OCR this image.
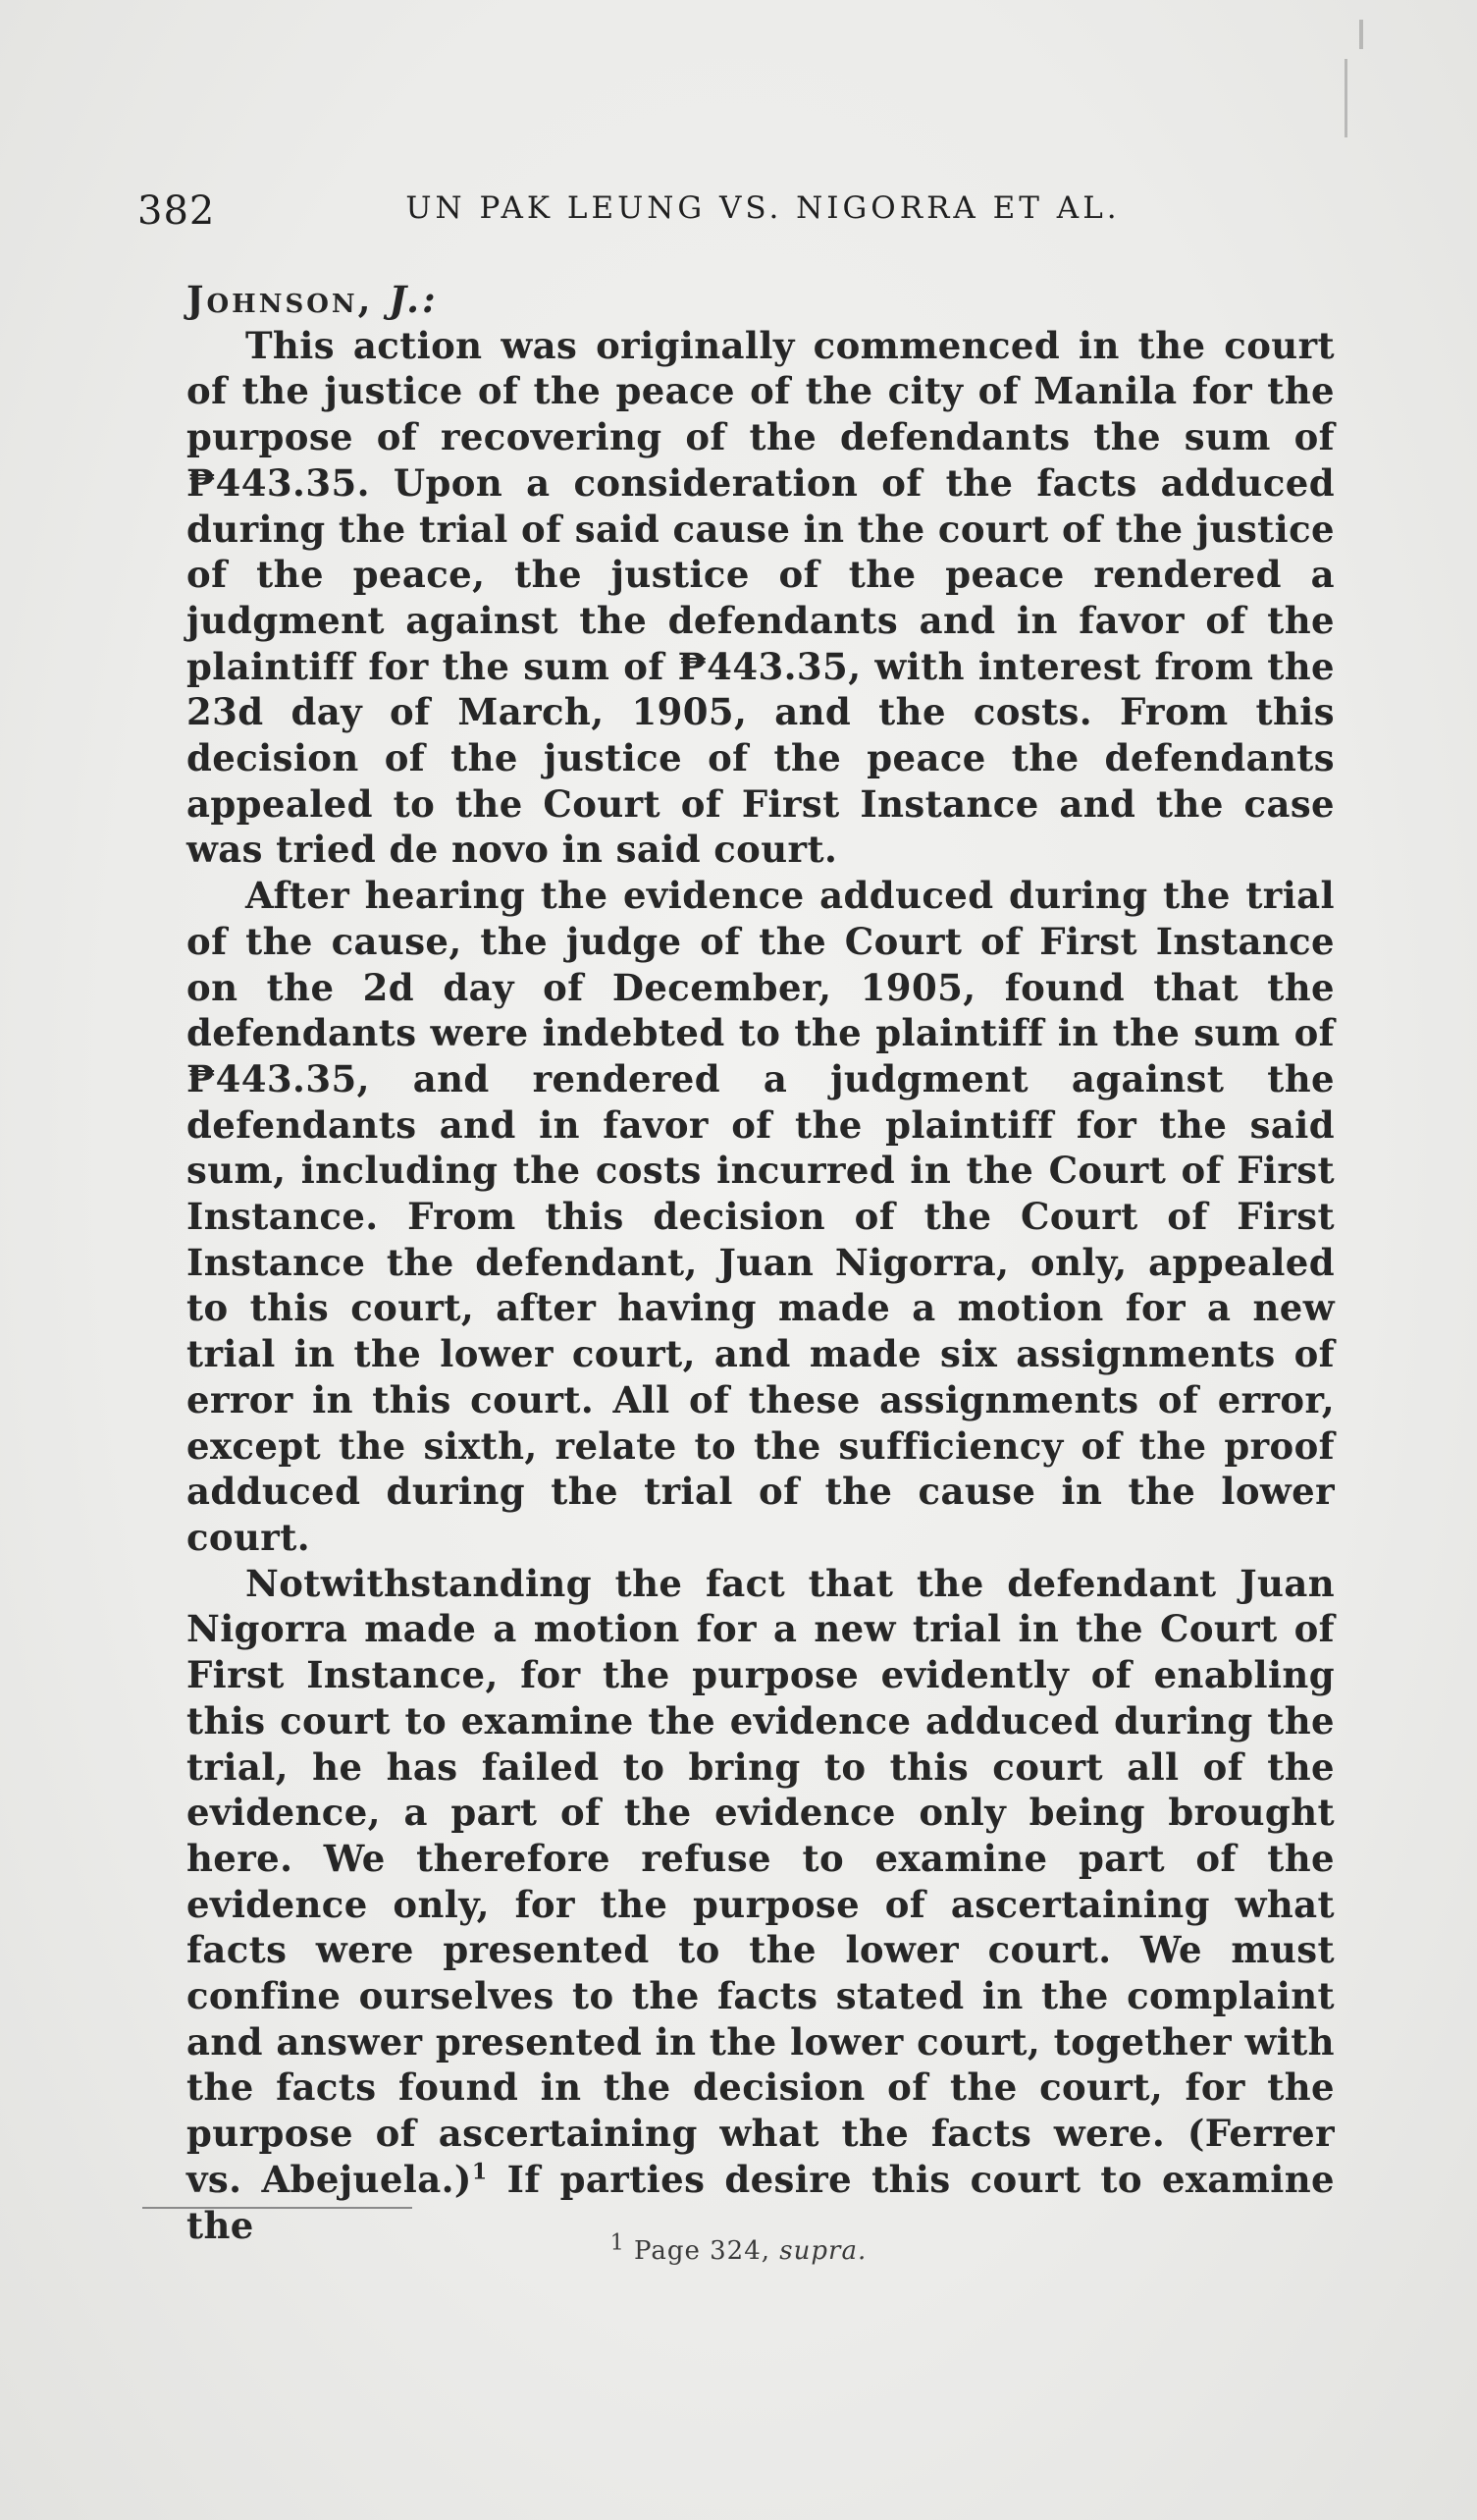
382	UN PAK LEUNG VS. NIGORRA ET AL.

Johnson, J.:

This action was originally commenced in the court of the justice of the peace of the city of Manila for the purpose of recovering of the defendants the sum of ₱443.35. Upon a consideration of the facts adduced during the trial of said cause in the court of the justice of the peace, the justice of the peace rendered a judgment against the defendants and in favor of the plaintiff for the sum of ₱443.35, with interest from the 23d day of March, 1905, and the costs. From this decision of the justice of the peace the defendants appealed to the Court of First Instance and the case was tried de novo in said court.

After hearing the evidence adduced during the trial of the cause, the judge of the Court of First Instance on the 2d day of December, 1905, found that the defendants were indebted to the plaintiff in the sum of ₱443.35, and rendered a judgment against the defendants and in favor of the plaintiff for the said sum, including the costs incurred in the Court of First Instance. From this decision of the Court of First Instance the defendant, Juan Nigorra, only, appealed to this court, after having made a motion for a new trial in the lower court, and made six assignments of error in this court. All of these assignments of error, except the sixth, relate to the sufficiency of the proof adduced during the trial of the cause in the lower court.

Notwithstanding the fact that the defendant Juan Nigorra made a motion for a new trial in the Court of First Instance, for the purpose evidently of enabling this court to examine the evidence adduced during the trial, he has failed to bring to this court all of the evidence, a part of the evidence only being brought here. We therefore refuse to examine part of the evidence only, for the purpose of ascertaining what facts were presented to the lower court. We must confine ourselves to the facts stated in the complaint and answer presented in the lower court, together with the facts found in the decision of the court, for the purpose of ascertaining what the facts were. (Ferrer vs. Abejuela.)$^1$ If parties desire this court to examine the	$^1$ Page 324, supra.
